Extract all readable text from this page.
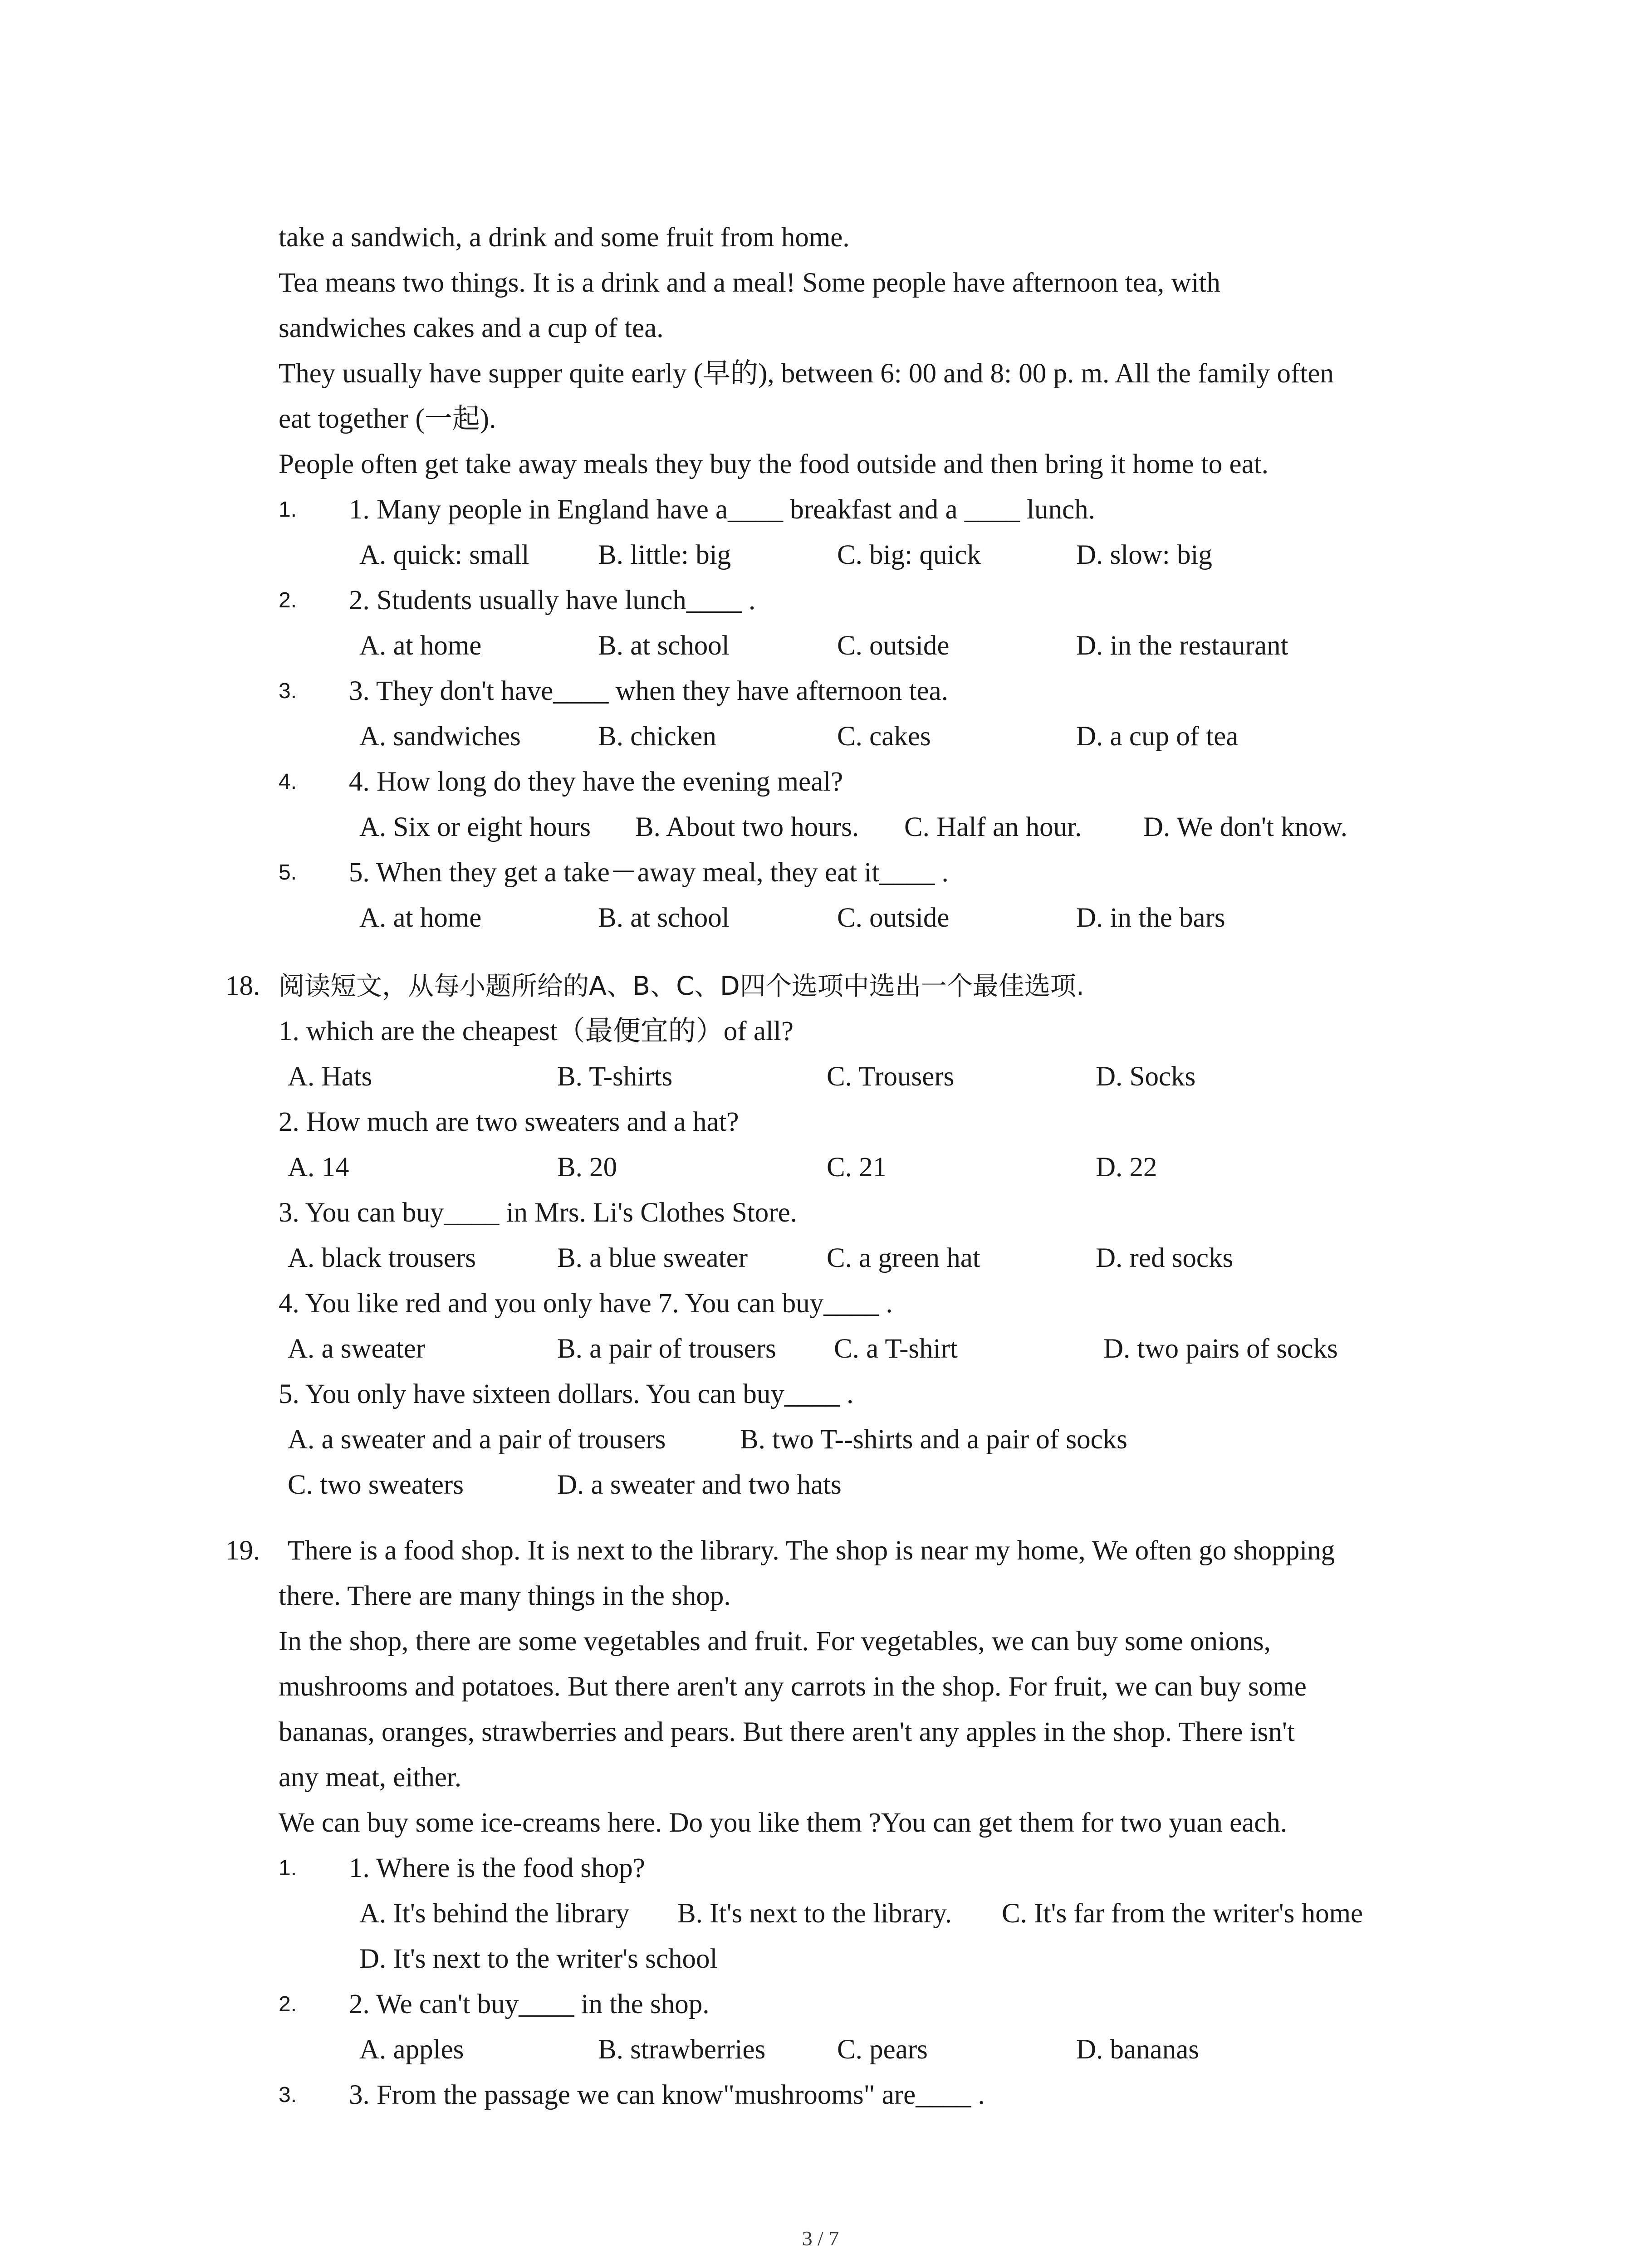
take a sandwich, a drink and some fruit from home.
Tea means two things. It is a drink and a meal! Some people have afternoon tea, with
sandwiches cakes and a cup of tea.
They usually have supper quite early (早的), between 6: 00 and 8: 00 p. m. All the family often
eat together (一起).
People often get take away meals they buy the food outside and then bring it home to eat.
1. 1. Many people in England have a____ breakfast and a ____ lunch.
A. quick: small B. little: big	C. big: quick	D. slow: big
2. 2. Students usually have lunch____ .
A. at home	B. at school	C. outside	D. in the restaurant
3. 3. They don't have____ when they have afternoon tea.
A. sandwiches	B. chicken	C. cakes	D. a cup of tea
4. 4. How long do they have the evening meal?
A. Six or eight hours B. About two hours. C. Half an hour. D. We don't know.
5. 5. When they get a take－away meal, they eat it____ .
A. at home	B. at school	C. outside	D. in the bars
18. 阅读短文，从每小题所给的A、B、C、D四个选项中选出一个最佳选项.
1. which are the cheapest（最便宜的）of all?
A. Hats	B. T-shirts	C. Trousers	D. Socks
2. How much are two sweaters and a hat?
A. 14	B. 20	C. 21	D. 22
3. You can buy____ in Mrs. Li's Clothes Store.
A. black trousers	B. a blue sweater	C. a green hat	D. red socks
4. You like red and you only have 7. You can buy____ .
A. a sweater	B. a pair of trousers C. a T-shirt	D. two pairs of socks
5. You only have sixteen dollars. You can buy____ .
A. a sweater and a pair of trousers	B. two T--shirts and a pair of socks
C. two sweaters	D. a sweater and two hats
19. There is a food shop. It is next to the library. The shop is near my home, We often go shopping
there. There are many things in the shop.
In the shop, there are some vegetables and fruit. For vegetables, we can buy some onions,
mushrooms and potatoes. But there aren't any carrots in the shop. For fruit, we can buy some
bananas, oranges, strawberries and pears. But there aren't any apples in the shop. There isn't
any meat, either.
We can buy some ice-creams here. Do you like them ?You can get them for two yuan each.
1. 1. Where is the food shop?
A. It's behind the library B. It's next to the library. C. It's far from the writer's home
D. It's next to the writer's school
2. 2. We can't buy____ in the shop.
A. apples	B. strawberries	C. pears	D. bananas
3. 3. From the passage we can know"mushrooms" are____ .
3 / 7
